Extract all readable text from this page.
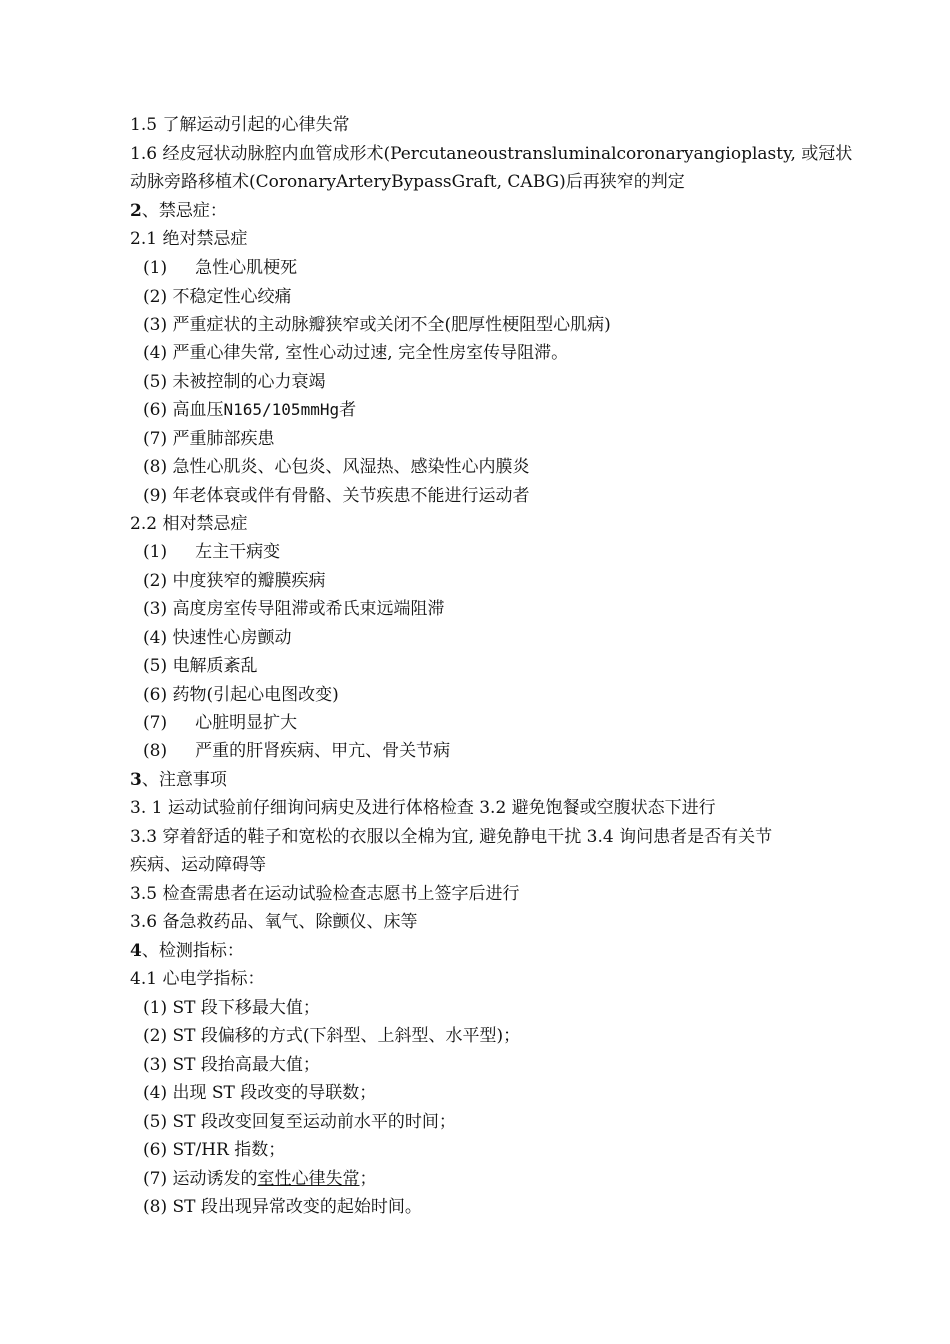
1.5 了解运动引起的心律失常
1.6 经皮冠状动脉腔内血管成形术(Percutaneoustransluminalcoronaryangioplasty, 或冠状
动脉旁路移植术(CoronaryArteryBypassGraft, CABG)后再狭窄的判定
2、禁忌症：
2.1 绝对禁忌症
(1) 急性心肌梗死
(2) 不稳定性心绞痛
(3) 严重症状的主动脉瓣狭窄或关闭不全(肥厚性梗阻型心肌病)
(4) 严重心律失常, 室性心动过速, 完全性房室传导阻滞。
(5) 未被控制的心力衰竭
(6) 高血压N165/105mmHg者
(7) 严重肺部疾患
(8) 急性心肌炎、心包炎、风湿热、感染性心内膜炎
(9) 年老体衰或伴有骨骼、关节疾患不能进行运动者
2.2 相对禁忌症
(1) 左主干病变
(2) 中度狭窄的瓣膜疾病
(3) 高度房室传导阻滞或希氏束远端阻滞
(4) 快速性心房颤动
(5) 电解质紊乱
(6) 药物(引起心电图改变)
(7) 心脏明显扩大
(8) 严重的肝肾疾病、甲亢、骨关节病
3、注意事项
3. 1 运动试验前仔细询问病史及进行体格检查 3.2 避免饱餐或空腹状态下进行
3.3 穿着舒适的鞋子和宽松的衣服以全棉为宜, 避免静电干扰 3.4 询问患者是否有关节
疾病、运动障碍等
3.5 检查需患者在运动试验检查志愿书上签字后进行
3.6 备急救药品、氧气、除颤仪、床等
4、检测指标：
4.1 心电学指标：
(1) ST 段下移最大值；
(2) ST 段偏移的方式(下斜型、上斜型、水平型)；
(3) ST 段抬高最大值；
(4) 出现 ST 段改变的导联数；
(5) ST 段改变回复至运动前水平的时间；
(6) ST/HR 指数；
(7) 运动诱发的室性心律失常；
(8) ST 段出现异常改变的起始时间。
